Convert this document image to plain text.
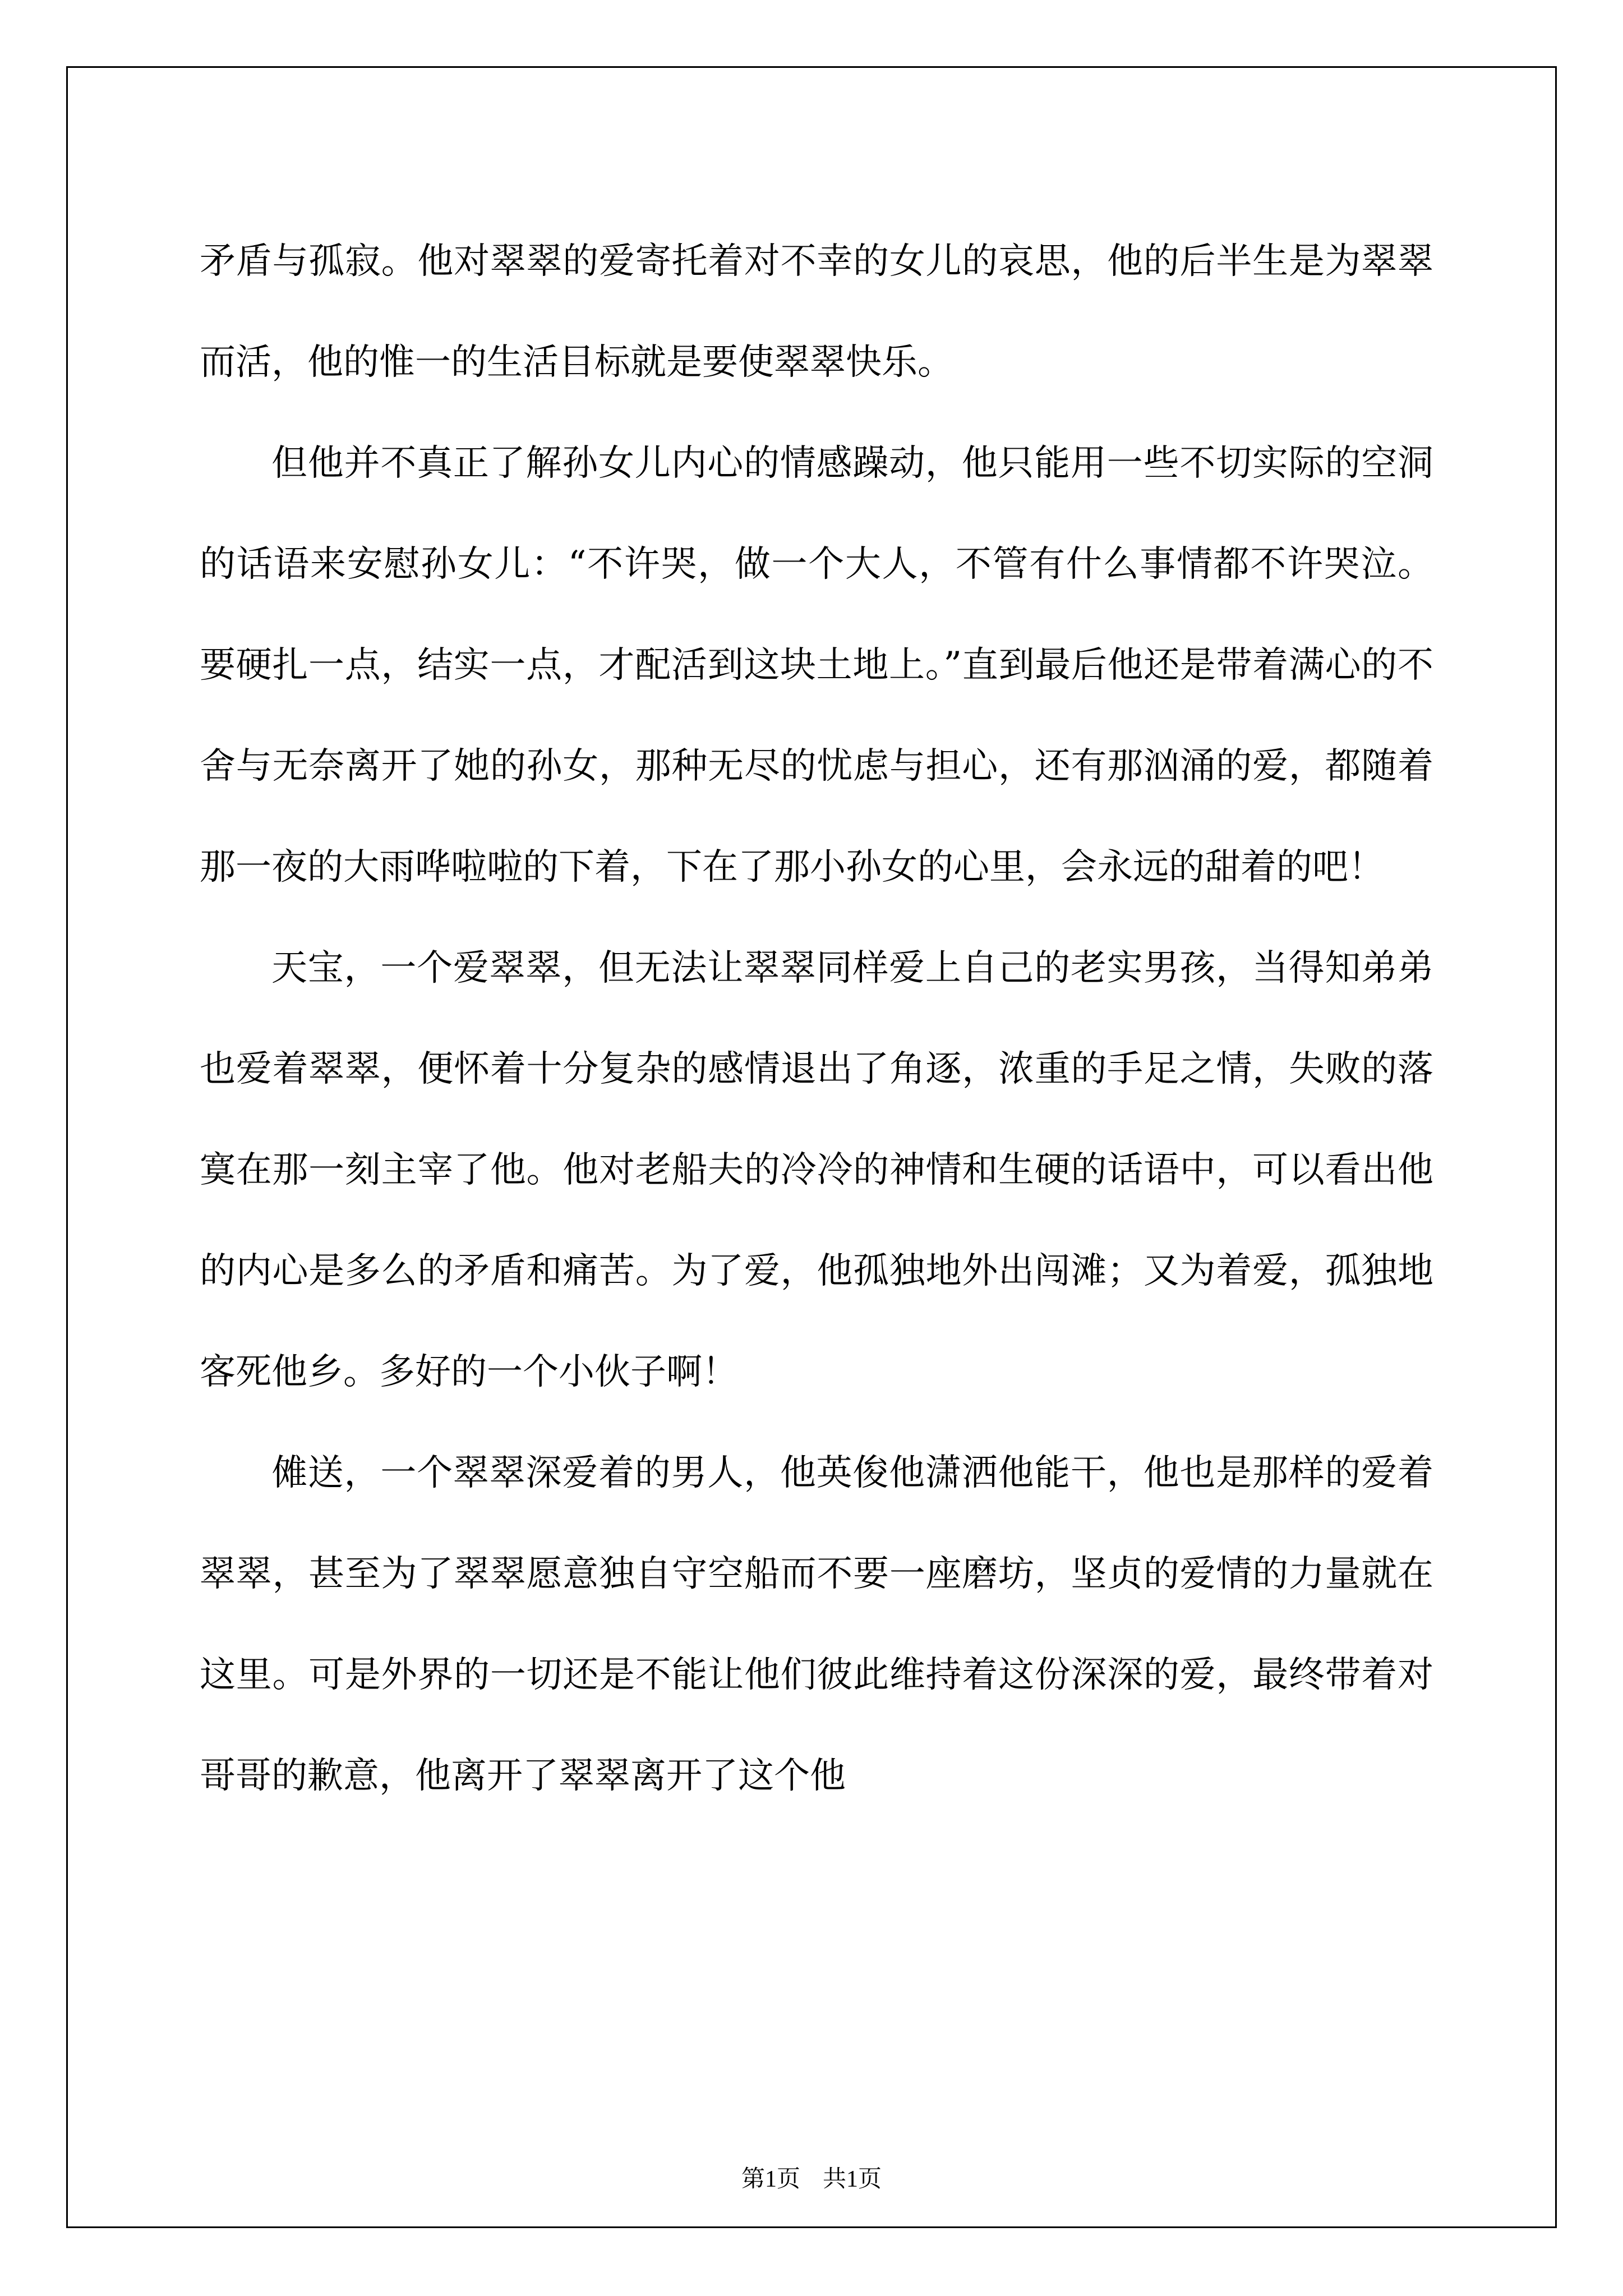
矛盾与孤寂。他对翠翠的爱寄托着对不幸的女儿的哀思，他的后半生是为翠翠而活，他的惟一的生活目标就是要使翠翠快乐。

但他并不真正了解孙女儿内心的情感躁动，他只能用一些不切实际的空洞的话语来安慰孙女儿：“不许哭，做一个大人，不管有什么事情都不许哭泣。要硬扎一点，结实一点，才配活到这块土地上。”直到最后他还是带着满心的不舍与无奈离开了她的孙女，那种无尽的忧虑与担心，还有那汹涌的爱，都随着那一夜的大雨哗啦啦的下着，下在了那小孙女的心里，会永远的甜着的吧！

天宝，一个爱翠翠，但无法让翠翠同样爱上自己的老实男孩，当得知弟弟也爱着翠翠，便怀着十分复杂的感情退出了角逐，浓重的手足之情，失败的落寞在那一刻主宰了他。他对老船夫的冷冷的神情和生硬的话语中，可以看出他的内心是多么的矛盾和痛苦。为了爱，他孤独地外出闯滩；又为着爱，孤独地客死他乡。多好的一个小伙子啊！

傩送，一个翠翠深爱着的男人，他英俊他潇洒他能干，他也是那样的爱着翠翠，甚至为了翠翠愿意独自守空船而不要一座磨坊，坚贞的爱情的力量就在这里。可是外界的一切还是不能让他们彼此维持着这份深深的爱，最终带着对哥哥的歉意，他离开了翠翠离开了这个他

第1页 共1页
